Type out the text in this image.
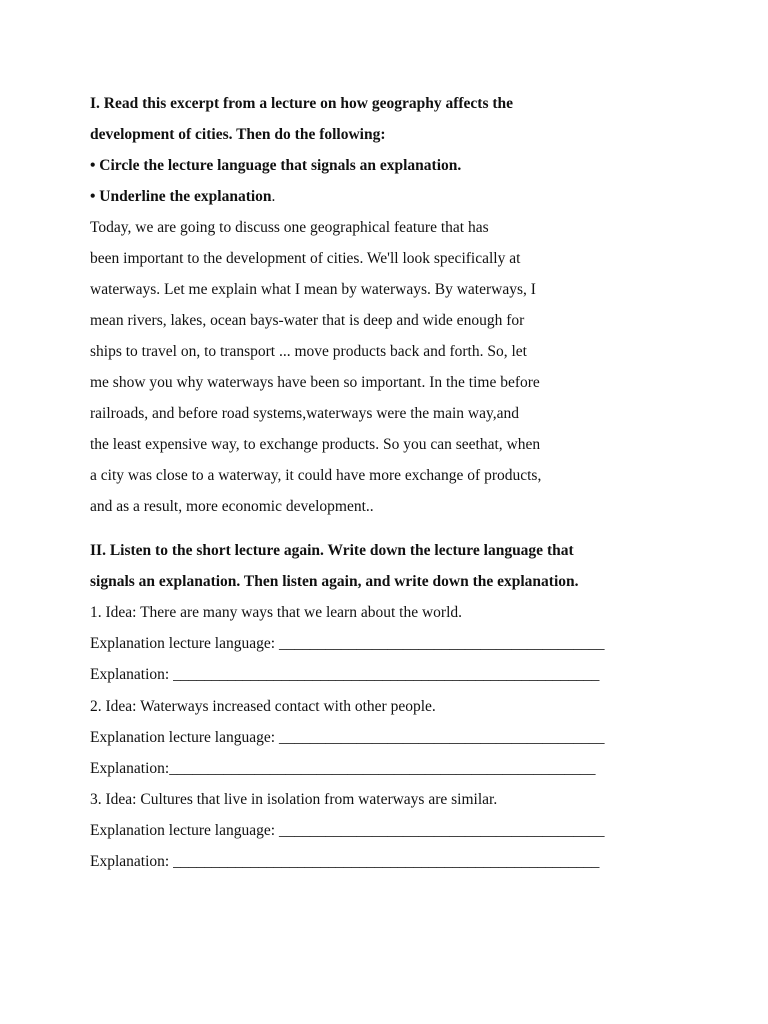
I. Read this excerpt from a lecture on how geography affects the
development of cities. Then do the following:
• Circle the lecture language that signals an explanation.
• Underline the explanation.
Today, we are going to discuss one geographical feature that has
been important to the development of cities. We'll look specifically at
waterways. Let me explain what I mean by waterways. By waterways, I
mean rivers, lakes, ocean bays-water that is deep and wide enough for
ships to travel on, to transport ... move products back and forth. So, let
me show you why waterways have been so important. In the time before
railroads, and before road systems,waterways were the main way,and
the least expensive way, to exchange products. So you can seethat, when
a city was close to a waterway, it could have more exchange of products,
and as a result, more economic development..
II. Listen to the short lecture again. Write down the lecture language that
signals an explanation. Then listen again, and write down the explanation.
1. Idea: There are many ways that we learn about the world.
Explanation lecture language: __________________________________________
Explanation: _______________________________________________________
2. Idea: Waterways increased contact with other people.
Explanation lecture language: __________________________________________
Explanation:_______________________________________________________
3. Idea: Cultures that live in isolation from waterways are similar.
Explanation lecture language: __________________________________________
Explanation: _______________________________________________________
